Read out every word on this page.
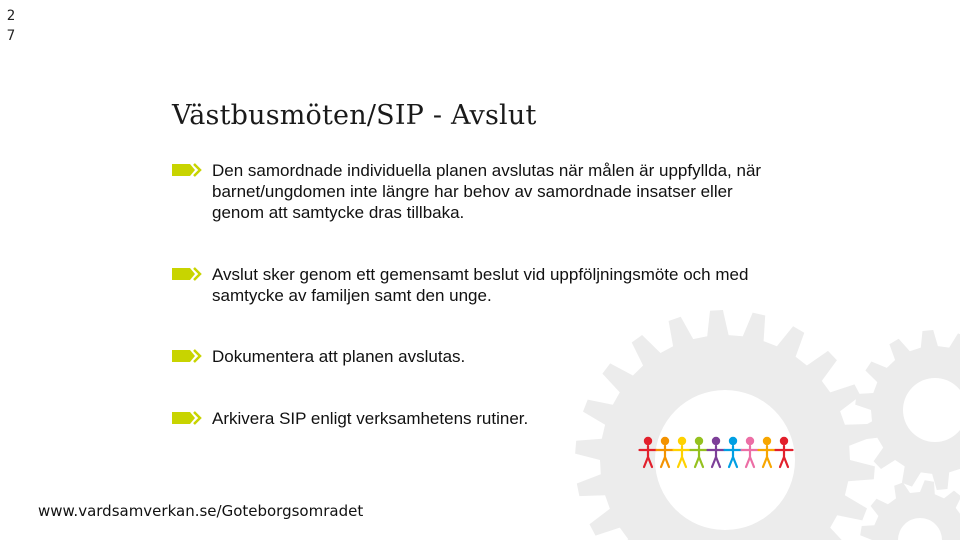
2
7
Västbusmöten/SIP - Avslut
Den samordnade individuella planen avslutas när målen är uppfyllda, när barnet/ungdomen inte längre har behov av samordnade insatser eller genom att samtycke dras tillbaka.
Avslut sker genom ett gemensamt beslut vid uppföljningsmöte och med samtycke av familjen samt den unge.
Dokumentera att planen avslutas.
Arkivera SIP enligt verksamhetens rutiner.
www.vardsamverkan.se/Goteborgsomradet
